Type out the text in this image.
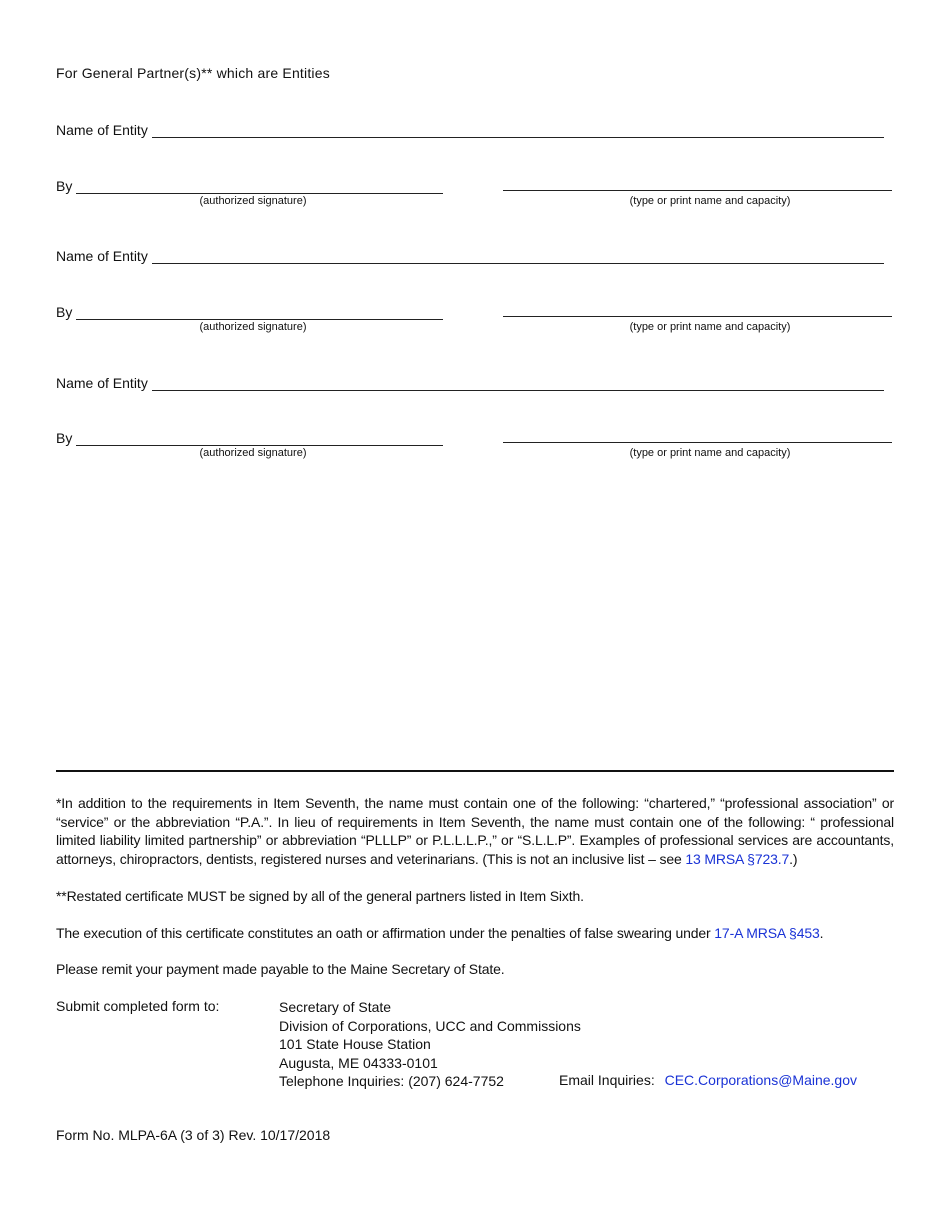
For General Partner(s)** which are Entities
Name of Entity
By
(authorized signature)	(type or print name and capacity)
Name of Entity
By
(authorized signature)	(type or print name and capacity)
Name of Entity
By
(authorized signature)	(type or print name and capacity)
*In addition to the requirements in Item Seventh, the name must contain one of the following: “chartered,” “professional association” or “service” or the abbreviation “P.A.”. In lieu of requirements in Item Seventh, the name must contain one of the following: “ professional limited liability limited partnership” or abbreviation “PLLLP” or P.L.L.L.P.,” or “S.L.L.P”. Examples of professional services are accountants, attorneys, chiropractors, dentists, registered nurses and veterinarians. (This is not an inclusive list – see 13 MRSA §723.7.)
**Restated certificate MUST be signed by all of the general partners listed in Item Sixth.
The execution of this certificate constitutes an oath or affirmation under the penalties of false swearing under 17-A MRSA §453.
Please remit your payment made payable to the Maine Secretary of State.
Submit completed form to:	Secretary of State
Division of Corporations, UCC and Commissions
101 State House Station
Augusta, ME 04333-0101
Telephone Inquiries: (207) 624-7752	Email Inquiries: CEC.Corporations@Maine.gov
Form No. MLPA-6A (3 of 3) Rev. 10/17/2018
